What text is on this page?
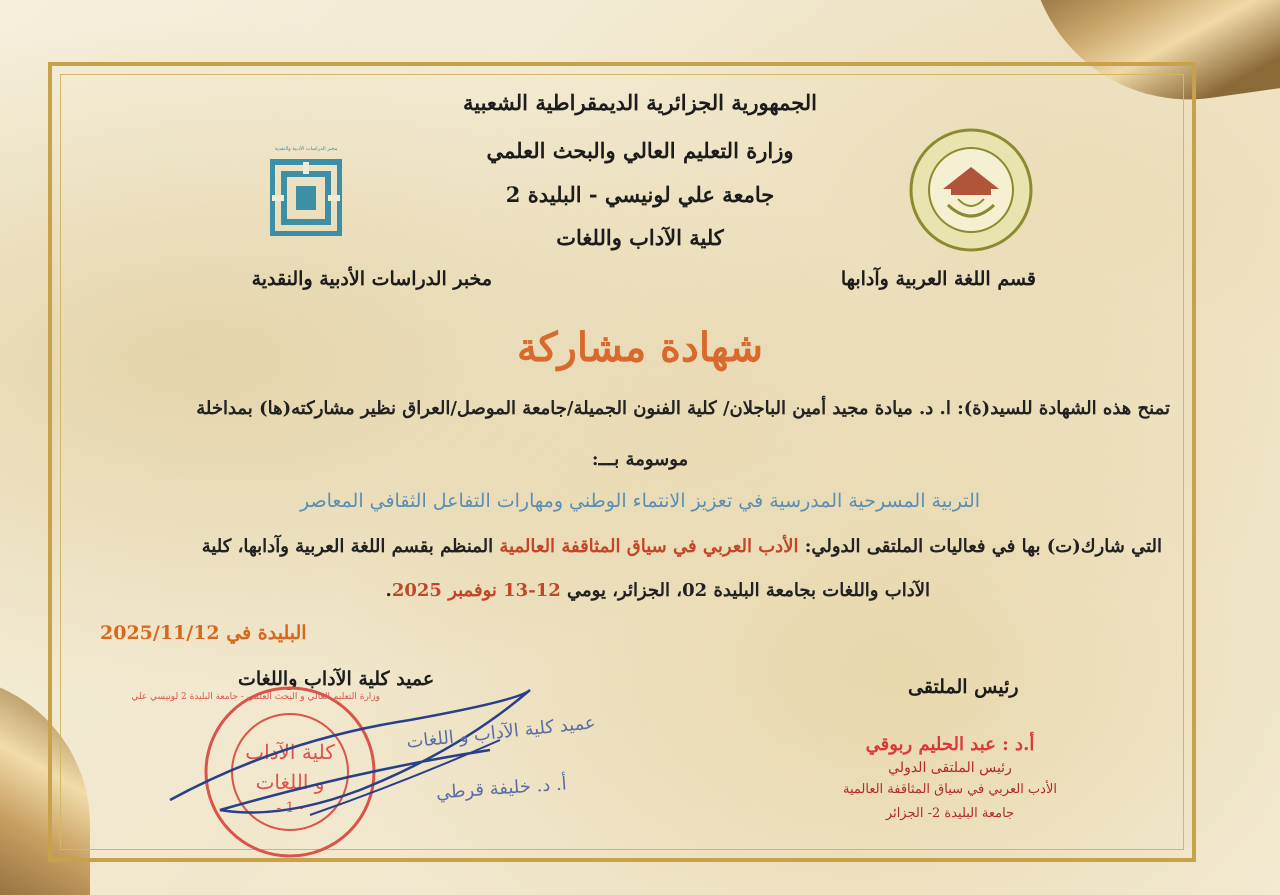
الجمهورية الجزائرية الديمقراطية الشعبية
وزارة التعليم العالي والبحث العلمي
جامعة علي لونيسي - البليدة 2
كلية الآداب واللغات
مخبر الدراسات الأدبية والنقدية
قسم اللغة العربية وآدابها
مخبر الدراسات الأدبية والنقدية
شهادة مشاركة
تمنح هذه الشهادة للسيد(ة): ا. د. ميادة مجيد أمين الباجلان/ كلية الفنون الجميلة/جامعة الموصل/العراق نظير مشاركته(ها) بمداخلة
موسومة بـــ:
التربية المسرحية المدرسية في تعزيز الانتماء الوطني ومهارات التفاعل الثقافي المعاصر
التي شارك(ت) بها في فعاليات الملتقى الدولي: الأدب العربي في سياق المثاقفة العالمية المنظم بقسم اللغة العربية وآدابها، كلية
الآداب واللغات بجامعة البليدة 02، الجزائر، يومي 12-13 نوفمبر 2025.
البليدة في 2025/11/12
عميد كلية الآداب واللغات	رئيس الملتقى
وزارة التعليم العالي و البحث العلمي - جامعة البليدة 2 لونيسي علي
كلية الآداب
و اللغات
- 1 -
عميد كلية الآداب و اللغات
أ. د. خليفة قرطي
أ.د : عبد الحليم ربوقي
رئيس الملتقى الدولي
الأدب العربي في سياق المثاقفة العالمية
جامعة البليدة 2- الجزائر
